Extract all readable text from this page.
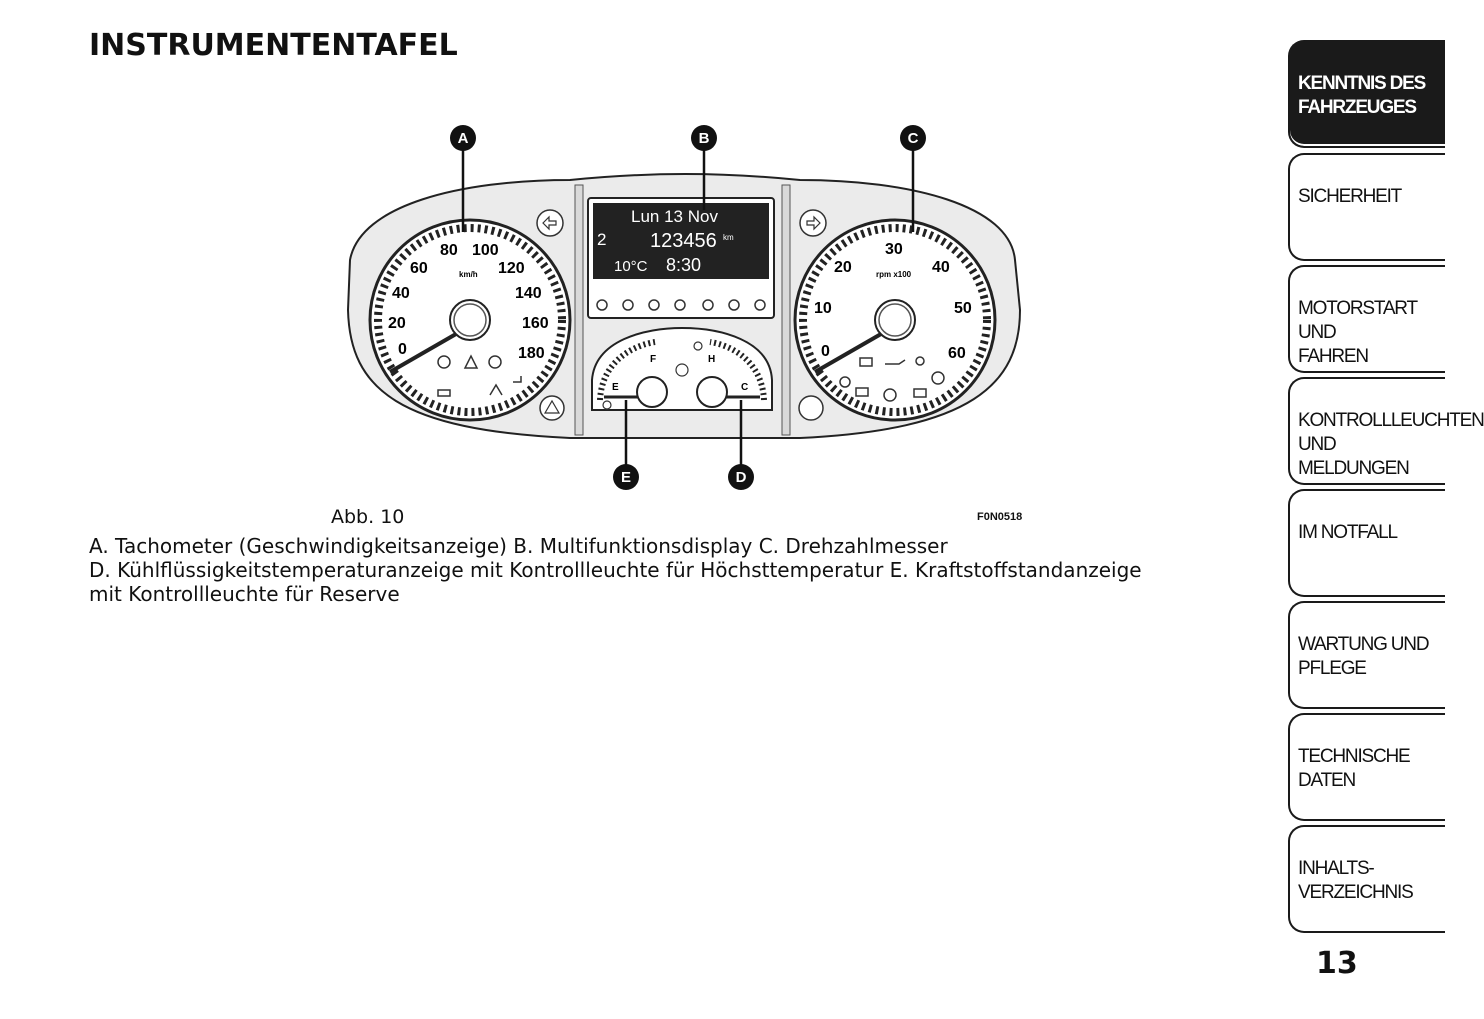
INSTRUMENTENTAFEL
0
20
40
60
80 100
120
140
160
180
km/h
0
10
20
30
40
50
60
rpm x100
Lun 13 Nov
2 123456 km
10°C 8:30
F
E
H
C
A	B	C
D
E
Abb. 10	F0N0518

A. Tachometer (Geschwindigkeitsanzeige) B. Multifunktionsdisplay C. Drehzahlmesser

D. Kühlflüssigkeitstemperaturanzeige mit Kontrollleuchte für Höchsttemperatur E. Kraftstoffstandanzeige mit Kontrollleuchte für Reserve

KENNTNIS DES
FAHRZEUGES
SICHERHEIT
MOTORSTART UND
FAHREN
KONTROLLLEUCHTEN
UND MELDUNGEN
IM NOTFALL
WARTUNG UND
PFLEGE
TECHNISCHE DATEN
INHALTS-
VERZEICHNIS
13
